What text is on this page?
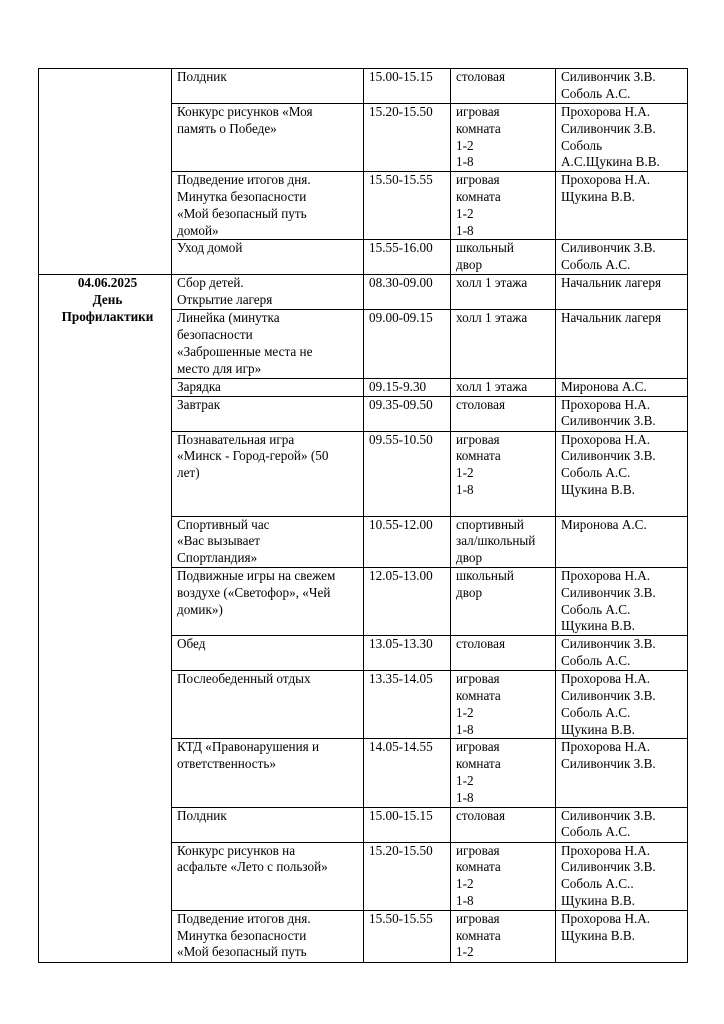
	Полдник	15.00-15.15	столовая	Силивончик З.В.
Соболь А.С.
	Конкурс рисунков «Моя
память о Победе»	15.20-15.50	игровая
комната
1-2
1-8	Прохорова Н.А.
Силивончик З.В.
Соболь
А.С.Щукина В.В.
	Подведение итогов дня.
Минутка безопасности
«Мой безопасный путь
домой»	15.50-15.55	игровая
комната
1-2
1-8	Прохорова Н.А.
Щукина В.В.
	Уход домой	15.55-16.00	школьный
двор	Силивончик З.В.
Соболь А.С.
04.06.2025
День
Профилактики	Сбор детей.
Открытие лагеря	08.30-09.00	холл 1 этажа	Начальник лагеря
	Линейка (минутка
безопасности
«Заброшенные места не
место для игр»	09.00-09.15	холл 1 этажа	Начальник лагеря
	Зарядка	09.15-9.30	холл 1 этажа	Миронова А.С.
	Завтрак	09.35-09.50	столовая	Прохорова Н.А.
Силивончик З.В.
	Познавательная игра
«Минск - Город-герой» (50
лет)	09.55-10.50	игровая
комната
1-2
1-8	Прохорова Н.А.
Силивончик З.В.
Соболь А.С.
Щукина В.В.
	Спортивный час
«Вас вызывает
Спортландия»	10.55-12.00	спортивный
зал/школьный
двор	Миронова А.С.
	Подвижные игры на свежем
воздухе («Светофор», «Чей
домик»)	12.05-13.00	школьный
двор	Прохорова Н.А.
Силивончик З.В.
Соболь А.С.
Щукина В.В.
	Обед	13.05-13.30	столовая	Силивончик З.В.
Соболь А.С.
	Послеобеденный отдых	13.35-14.05	игровая
комната
1-2
1-8	Прохорова Н.А.
Силивончик З.В.
Соболь А.С.
Щукина В.В.
	КТД «Правонарушения и
ответственность»	14.05-14.55	игровая
комната
1-2
1-8	Прохорова Н.А.
Силивончик З.В.
	Полдник	15.00-15.15	столовая	Силивончик З.В.
Соболь А.С.
	Конкурс рисунков на
асфальте «Лето с пользой»	15.20-15.50	игровая
комната
1-2
1-8	Прохорова Н.А.
Силивончик З.В.
Соболь А.С..
Щукина В.В.
	Подведение итогов дня.
Минутка безопасности
«Мой безопасный путь	15.50-15.55	игровая
комната
1-2	Прохорова Н.А.
Щукина В.В.
